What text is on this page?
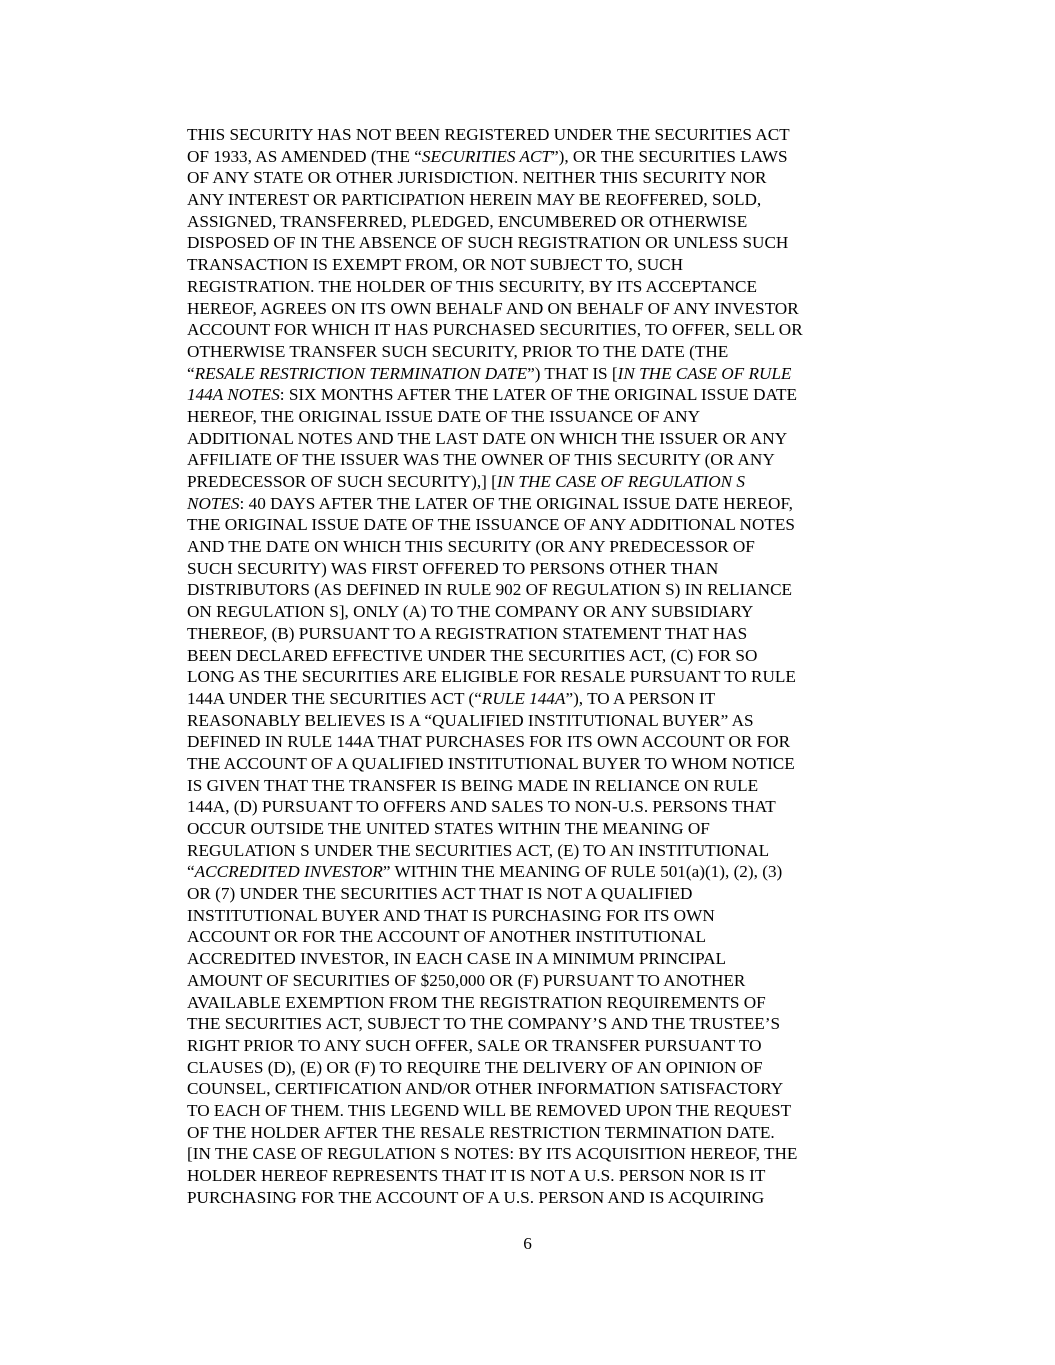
THIS SECURITY HAS NOT BEEN REGISTERED UNDER THE SECURITIES ACT
OF 1933, AS AMENDED (THE “SECURITIES ACT”), OR THE SECURITIES LAWS
OF ANY STATE OR OTHER JURISDICTION. NEITHER THIS SECURITY NOR
ANY INTEREST OR PARTICIPATION HEREIN MAY BE REOFFERED, SOLD,
ASSIGNED, TRANSFERRED, PLEDGED, ENCUMBERED OR OTHERWISE
DISPOSED OF IN THE ABSENCE OF SUCH REGISTRATION OR UNLESS SUCH
TRANSACTION IS EXEMPT FROM, OR NOT SUBJECT TO, SUCH
REGISTRATION. THE HOLDER OF THIS SECURITY, BY ITS ACCEPTANCE
HEREOF, AGREES ON ITS OWN BEHALF AND ON BEHALF OF ANY INVESTOR
ACCOUNT FOR WHICH IT HAS PURCHASED SECURITIES, TO OFFER, SELL OR
OTHERWISE TRANSFER SUCH SECURITY, PRIOR TO THE DATE (THE
“RESALE RESTRICTION TERMINATION DATE”) THAT IS [IN THE CASE OF RULE
144A NOTES: SIX MONTHS AFTER THE LATER OF THE ORIGINAL ISSUE DATE
HEREOF, THE ORIGINAL ISSUE DATE OF THE ISSUANCE OF ANY
ADDITIONAL NOTES AND THE LAST DATE ON WHICH THE ISSUER OR ANY
AFFILIATE OF THE ISSUER WAS THE OWNER OF THIS SECURITY (OR ANY
PREDECESSOR OF SUCH SECURITY),] [IN THE CASE OF REGULATION S
NOTES: 40 DAYS AFTER THE LATER OF THE ORIGINAL ISSUE DATE HEREOF,
THE ORIGINAL ISSUE DATE OF THE ISSUANCE OF ANY ADDITIONAL NOTES
AND THE DATE ON WHICH THIS SECURITY (OR ANY PREDECESSOR OF
SUCH SECURITY) WAS FIRST OFFERED TO PERSONS OTHER THAN
DISTRIBUTORS (AS DEFINED IN RULE 902 OF REGULATION S) IN RELIANCE
ON REGULATION S], ONLY (A) TO THE COMPANY OR ANY SUBSIDIARY
THEREOF, (B) PURSUANT TO A REGISTRATION STATEMENT THAT HAS
BEEN DECLARED EFFECTIVE UNDER THE SECURITIES ACT, (C) FOR SO
LONG AS THE SECURITIES ARE ELIGIBLE FOR RESALE PURSUANT TO RULE
144A UNDER THE SECURITIES ACT (“RULE 144A”), TO A PERSON IT
REASONABLY BELIEVES IS A “QUALIFIED INSTITUTIONAL BUYER” AS
DEFINED IN RULE 144A THAT PURCHASES FOR ITS OWN ACCOUNT OR FOR
THE ACCOUNT OF A QUALIFIED INSTITUTIONAL BUYER TO WHOM NOTICE
IS GIVEN THAT THE TRANSFER IS BEING MADE IN RELIANCE ON RULE
144A, (D) PURSUANT TO OFFERS AND SALES TO NON-U.S. PERSONS THAT
OCCUR OUTSIDE THE UNITED STATES WITHIN THE MEANING OF
REGULATION S UNDER THE SECURITIES ACT, (E) TO AN INSTITUTIONAL
“ACCREDITED INVESTOR” WITHIN THE MEANING OF RULE 501(a)(1), (2), (3)
OR (7) UNDER THE SECURITIES ACT THAT IS NOT A QUALIFIED
INSTITUTIONAL BUYER AND THAT IS PURCHASING FOR ITS OWN
ACCOUNT OR FOR THE ACCOUNT OF ANOTHER INSTITUTIONAL
ACCREDITED INVESTOR, IN EACH CASE IN A MINIMUM PRINCIPAL
AMOUNT OF SECURITIES OF $250,000 OR (F) PURSUANT TO ANOTHER
AVAILABLE EXEMPTION FROM THE REGISTRATION REQUIREMENTS OF
THE SECURITIES ACT, SUBJECT TO THE COMPANY’S AND THE TRUSTEE’S
RIGHT PRIOR TO ANY SUCH OFFER, SALE OR TRANSFER PURSUANT TO
CLAUSES (D), (E) OR (F) TO REQUIRE THE DELIVERY OF AN OPINION OF
COUNSEL, CERTIFICATION AND/OR OTHER INFORMATION SATISFACTORY
TO EACH OF THEM. THIS LEGEND WILL BE REMOVED UPON THE REQUEST
OF THE HOLDER AFTER THE RESALE RESTRICTION TERMINATION DATE.
[IN THE CASE OF REGULATION S NOTES: BY ITS ACQUISITION HEREOF, THE
HOLDER HEREOF REPRESENTS THAT IT IS NOT A U.S. PERSON NOR IS IT
PURCHASING FOR THE ACCOUNT OF A U.S. PERSON AND IS ACQUIRING
6
